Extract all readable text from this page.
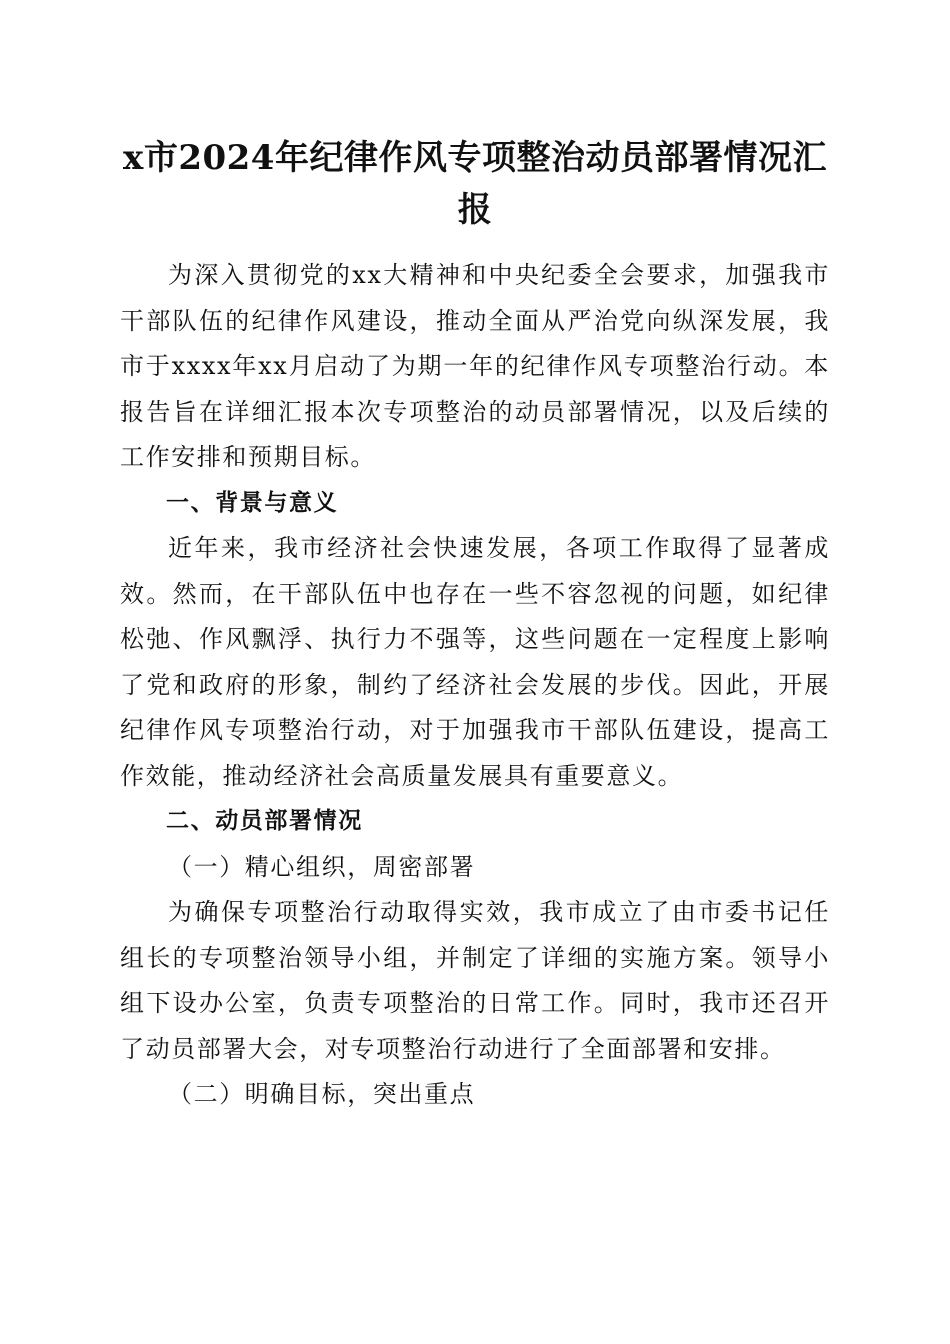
x市2024年纪律作风专项整治动员部署情况汇报

为深入贯彻党的xx大精神和中央纪委全会要求，加强我市干部队伍的纪律作风建设，推动全面从严治党向纵深发展，我市于xxxx年xx月启动了为期一年的纪律作风专项整治行动。本报告旨在详细汇报本次专项整治的动员部署情况，以及后续的工作安排和预期目标。

一、背景与意义

近年来，我市经济社会快速发展，各项工作取得了显著成效。然而，在干部队伍中也存在一些不容忽视的问题，如纪律松弛、作风飘浮、执行力不强等，这些问题在一定程度上影响了党和政府的形象，制约了经济社会发展的步伐。因此，开展纪律作风专项整治行动，对于加强我市干部队伍建设，提高工作效能，推动经济社会高质量发展具有重要意义。

二、动员部署情况

（一）精心组织，周密部署

为确保专项整治行动取得实效，我市成立了由市委书记任组长的专项整治领导小组，并制定了详细的实施方案。领导小组下设办公室，负责专项整治的日常工作。同时，我市还召开了动员部署大会，对专项整治行动进行了全面部署和安排。

（二）明确目标，突出重点
